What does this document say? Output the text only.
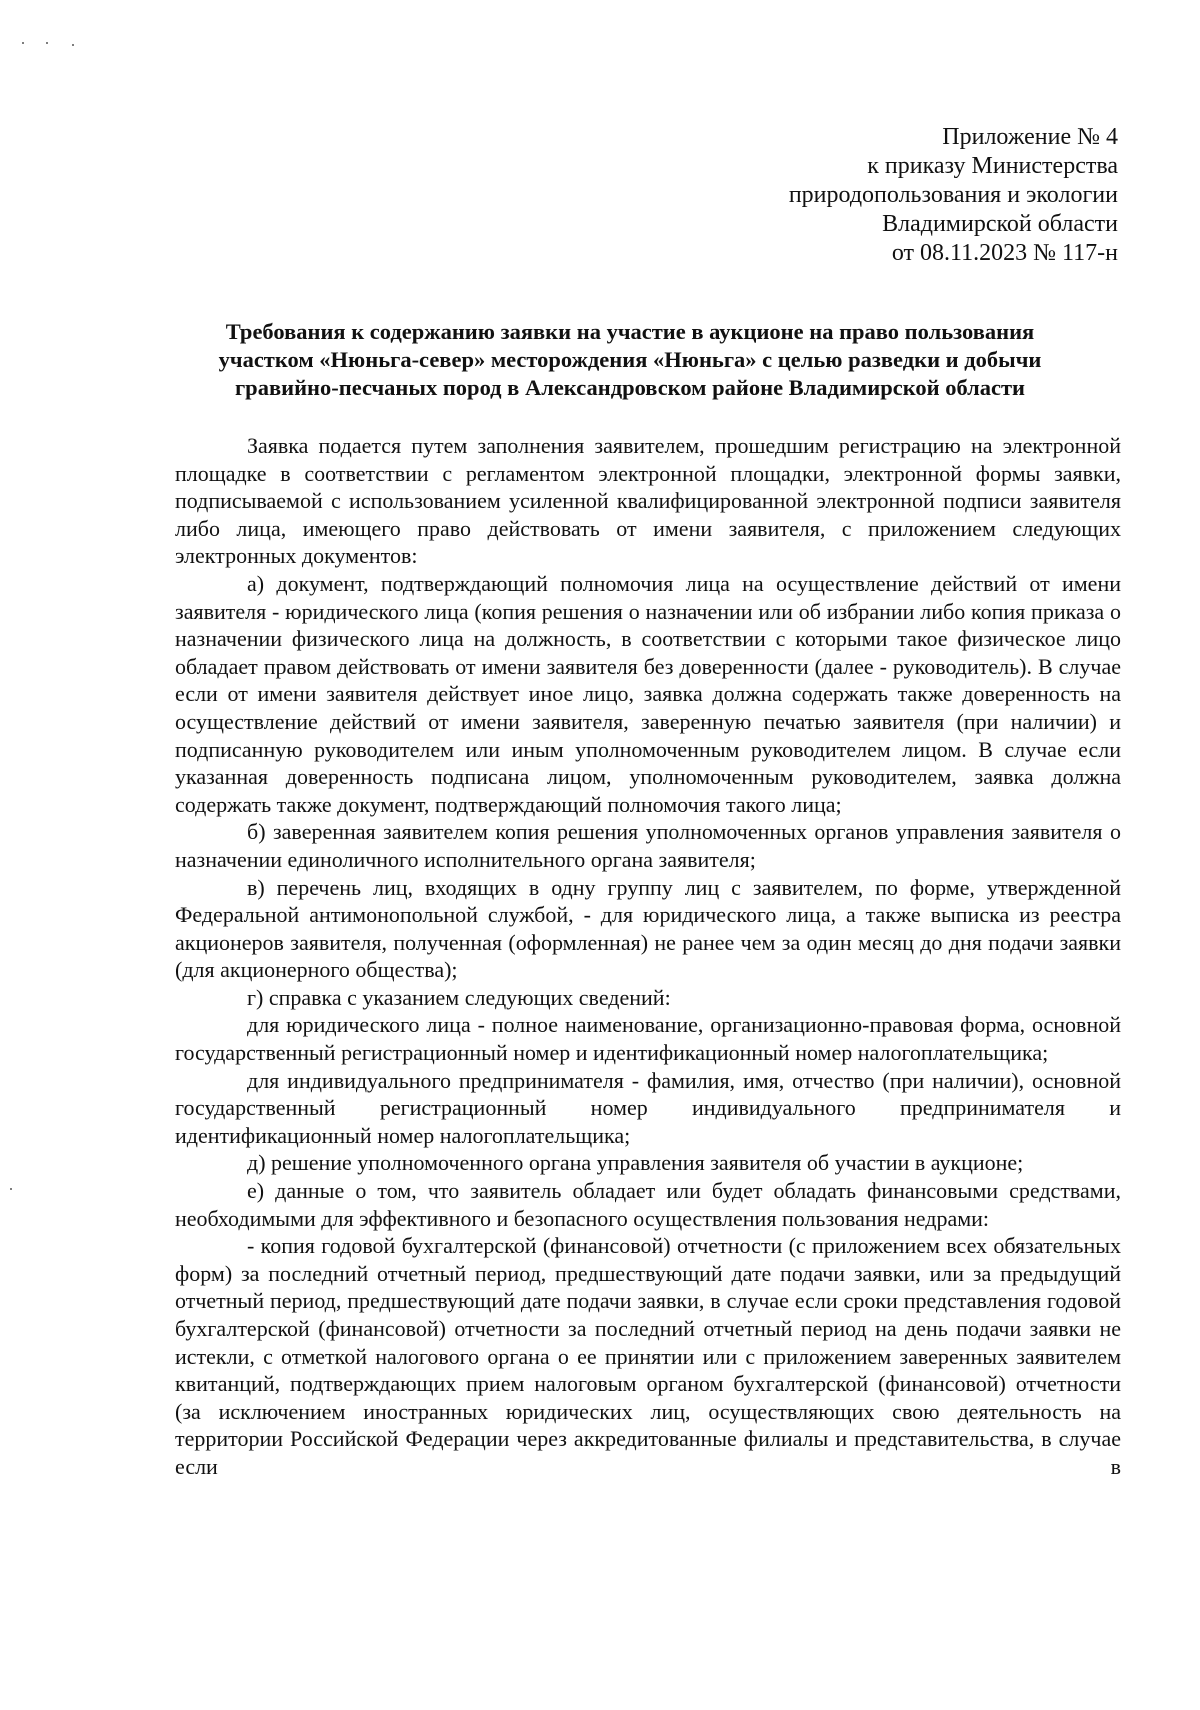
Приложение № 4
к приказу Министерства
природопользования и экологии
Владимирской области
от 08.11.2023 № 117-н
Требования к содержанию заявки на участие в аукционе на право пользования
участком «Нюньга-север» месторождения «Нюньга» с целью разведки и добычи
гравийно-песчаных пород в Александровском районе Владимирской области

Заявка подается путем заполнения заявителем, прошедшим регистрацию на электронной площадке в соответствии с регламентом электронной площадки, электронной формы заявки, подписываемой с использованием усиленной квалифицированной электронной подписи заявителя либо лица, имеющего право действовать от имени заявителя, с приложением следующих электронных документов:

а) документ, подтверждающий полномочия лица на осуществление действий от имени заявителя - юридического лица (копия решения о назначении или об избрании либо копия приказа о назначении физического лица на должность, в соответствии с которыми такое физическое лицо обладает правом действовать от имени заявителя без доверенности (далее - руководитель). В случае если от имени заявителя действует иное лицо, заявка должна содержать также доверенность на осуществление действий от имени заявителя, заверенную печатью заявителя (при наличии) и подписанную руководителем или иным уполномоченным руководителем лицом. В случае если указанная доверенность подписана лицом, уполномоченным руководителем, заявка должна содержать также документ, подтверждающий полномочия такого лица;

б) заверенная заявителем копия решения уполномоченных органов управления заявителя о назначении единоличного исполнительного органа заявителя;

в) перечень лиц, входящих в одну группу лиц с заявителем, по форме, утвержденной Федеральной антимонопольной службой, - для юридического лица, а также выписка из реестра акционеров заявителя, полученная (оформленная) не ранее чем за один месяц до дня подачи заявки (для акционерного общества);

г) справка с указанием следующих сведений:

для юридического лица - полное наименование, организационно-правовая форма, основной государственный регистрационный номер и идентификационный номер налогоплательщика;

для индивидуального предпринимателя - фамилия, имя, отчество (при наличии), основной государственный регистрационный номер индивидуального предпринимателя и идентификационный номер налогоплательщика;

д) решение уполномоченного органа управления заявителя об участии в аукционе;

е) данные о том, что заявитель обладает или будет обладать финансовыми средствами, необходимыми для эффективного и безопасного осуществления пользования недрами:

- копия годовой бухгалтерской (финансовой) отчетности (с приложением всех обязательных форм) за последний отчетный период, предшествующий дате подачи заявки, или за предыдущий отчетный период, предшествующий дате подачи заявки, в случае если сроки представления годовой бухгалтерской (финансовой) отчетности за последний отчетный период на день подачи заявки не истекли, с отметкой налогового органа о ее принятии или с приложением заверенных заявителем квитанций, подтверждающих прием налоговым органом бухгалтерской (финансовой) отчетности (за исключением иностранных юридических лиц, осуществляющих свою деятельность на территории Российской Федерации через аккредитованные филиалы и представительства, в случае если в
